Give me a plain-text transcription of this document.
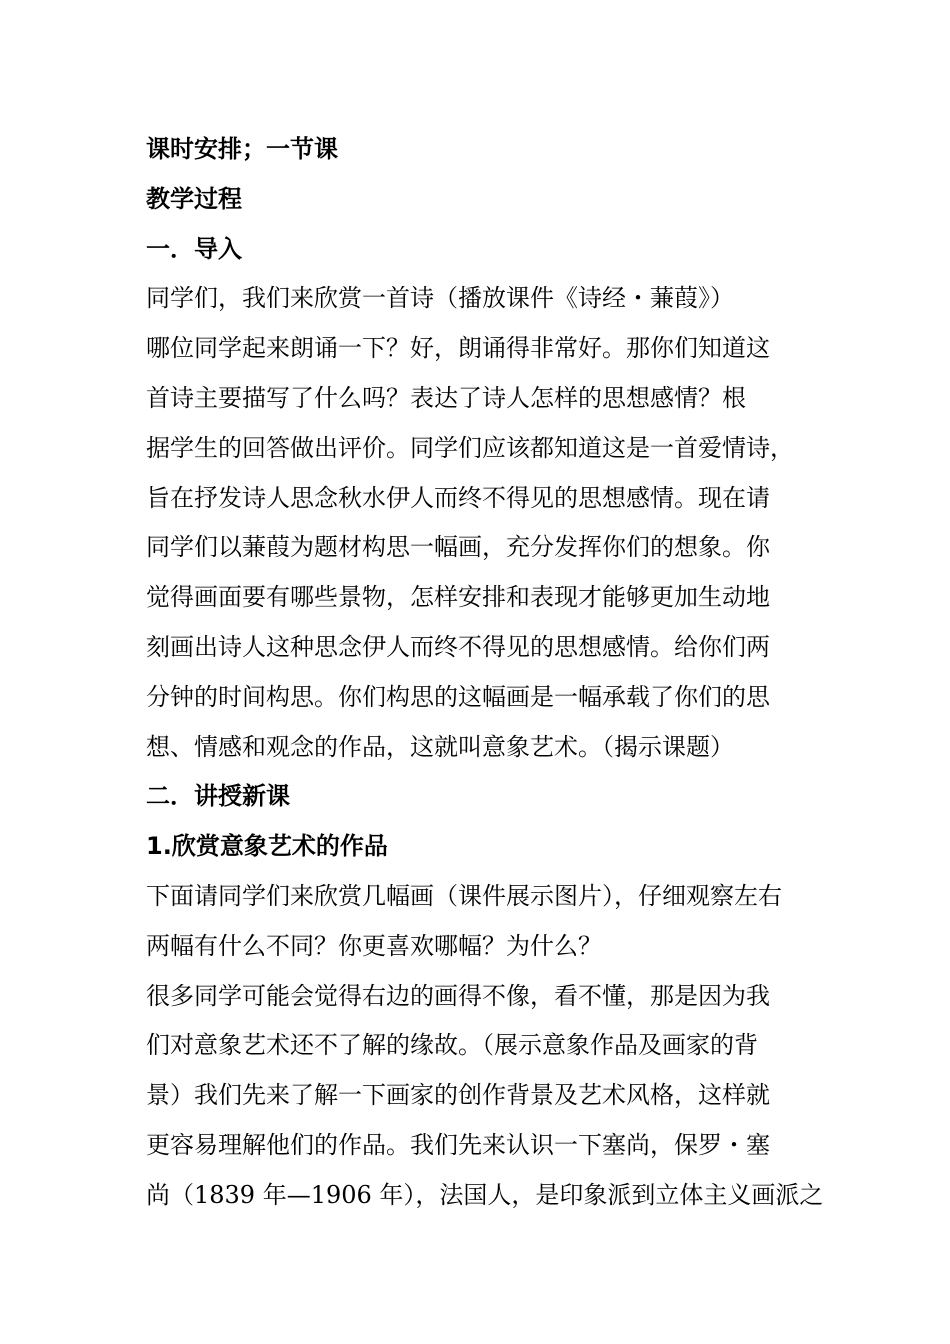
课时安排；一节课
教学过程
一．导入
同学们，我们来欣赏一首诗（播放课件《诗经・蒹葭》）
哪位同学起来朗诵一下？好，朗诵得非常好。那你们知道这
首诗主要描写了什么吗？表达了诗人怎样的思想感情？根
据学生的回答做出评价。同学们应该都知道这是一首爱情诗，
旨在抒发诗人思念秋水伊人而终不得见的思想感情。现在请
同学们以蒹葭为题材构思一幅画，充分发挥你们的想象。你
觉得画面要有哪些景物，怎样安排和表现才能够更加生动地
刻画出诗人这种思念伊人而终不得见的思想感情。给你们两
分钟的时间构思。你们构思的这幅画是一幅承载了你们的思
想、情感和观念的作品，这就叫意象艺术。（揭示课题）
二．讲授新课
1.欣赏意象艺术的作品
下面请同学们来欣赏几幅画（课件展示图片），仔细观察左右
两幅有什么不同？你更喜欢哪幅？为什么？
很多同学可能会觉得右边的画得不像，看不懂，那是因为我
们对意象艺术还不了解的缘故。（展示意象作品及画家的背
景）我们先来了解一下画家的创作背景及艺术风格，这样就
更容易理解他们的作品。我们先来认识一下塞尚，保罗・塞
尚（1839 年—1906 年），法国人，是印象派到立体主义画派之
